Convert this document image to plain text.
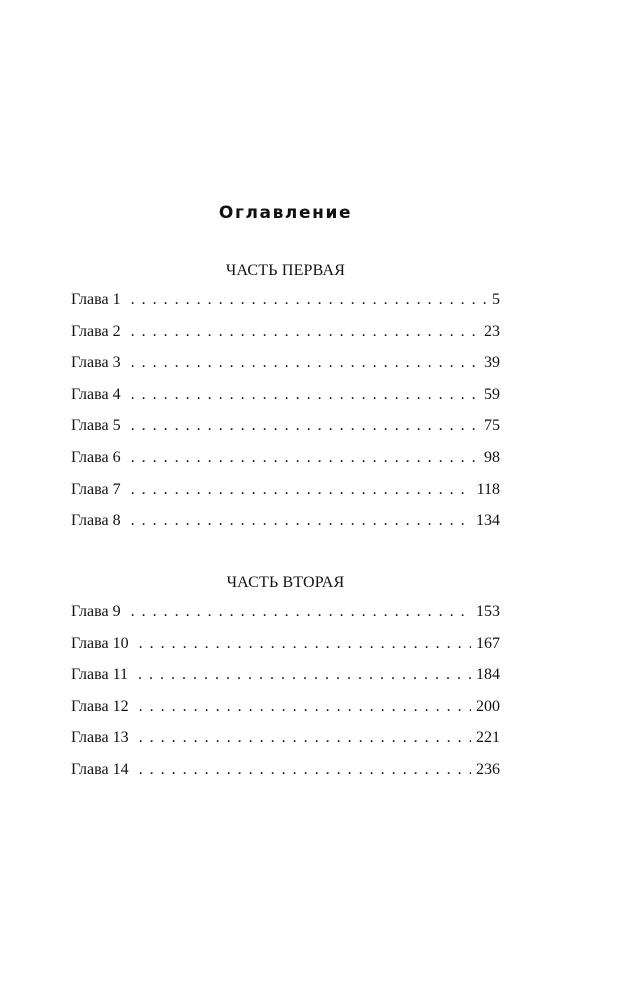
Оглавление
ЧАСТЬ ПЕРВАЯ
Глава 1 . . .	5
Глава 2 . . .	23
Глава 3 . . .	39
Глава 4 . . .	59
Глава 5 . . .	75
Глава 6 . . .	98
Глава 7 . . .	118
Глава 8 . . .	134
ЧАСТЬ ВТОРАЯ
Глава 9 . . .	153
Глава 10 . . .	167
Глава 11 . . .	184
Глава 12 . . .	200
Глава 13 . . .	221
Глава 14 . . .	236
